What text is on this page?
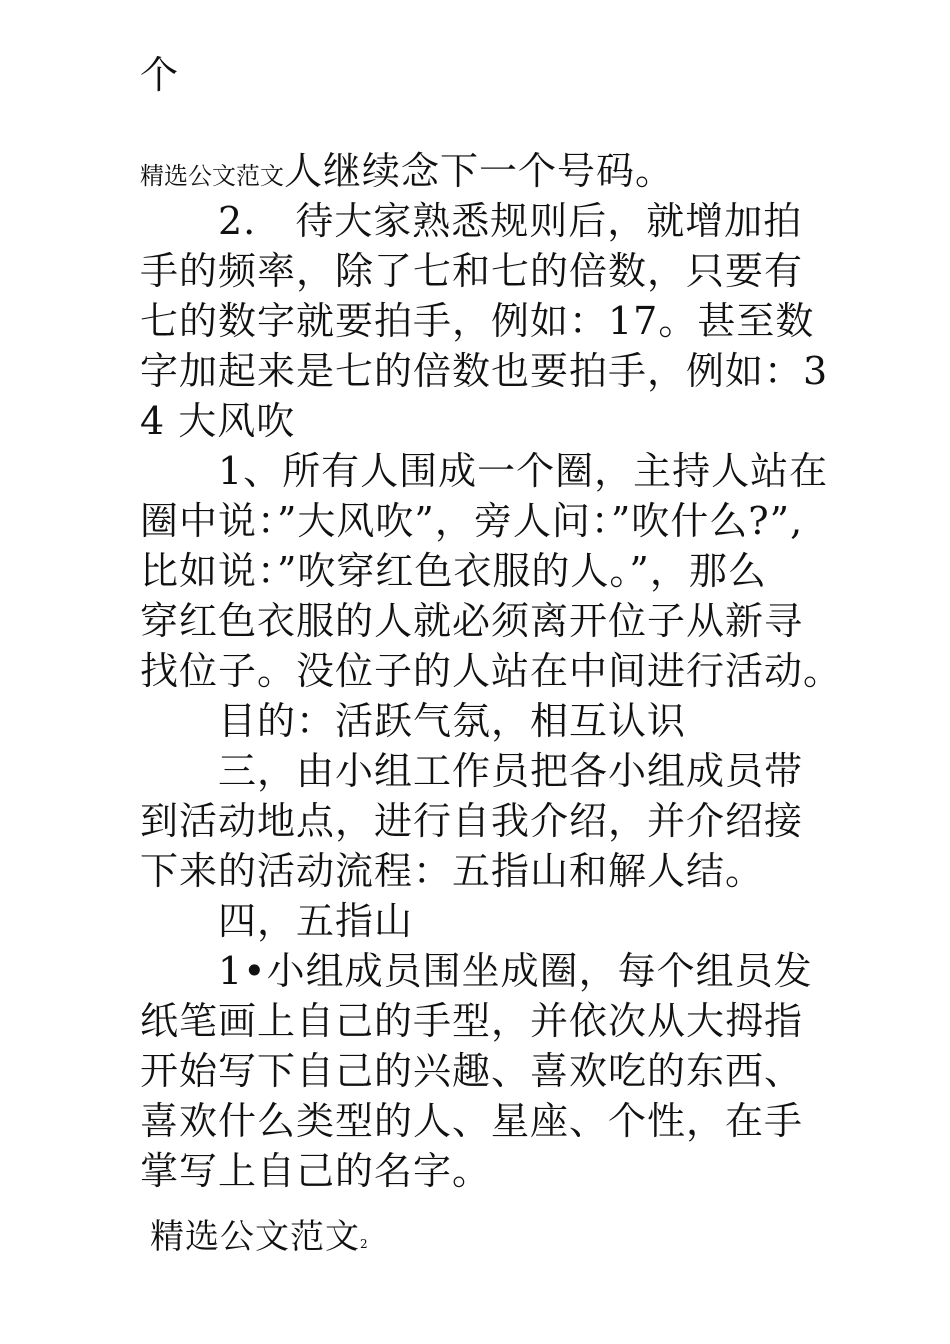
个
精选公文范文人继续念下一个号码。
2.　待大家熟悉规则后，就增加拍
手的频率，除了七和七的倍数，只要有
七的数字就要拍手，例如：17。甚至数
字加起来是七的倍数也要拍手，例如：3
4 大风吹
1、所有人围成一个圈，主持人站在
圈中说：”大风吹”，旁人问：”吹什么?”,
比如说：”吹穿红色衣服的人。”，那么
穿红色衣服的人就必须离开位子从新寻
找位子。没位子的人站在中间进行活动。
目的：活跃气氛，相互认识
三，由小组工作员把各小组成员带
到活动地点，进行自我介绍，并介绍接
下来的活动流程：五指山和解人结。
四，五指山
1•小组成员围坐成圈，每个组员发
纸笔画上自己的手型，并依次从大拇指
开始写下自己的兴趣、喜欢吃的东西、
喜欢什么类型的人、星座、个性，在手
掌写上自己的名字。
精选公文范文2
